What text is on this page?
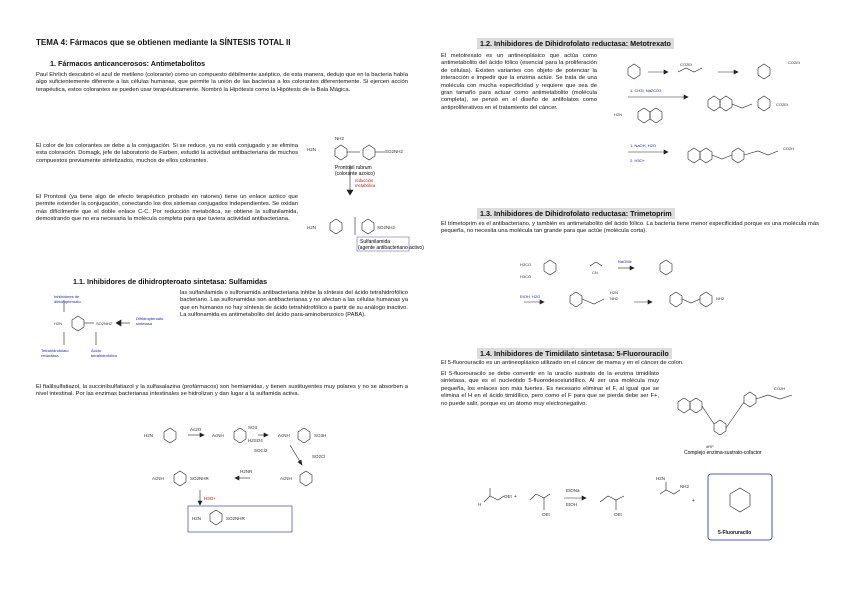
TEMA 4: Fármacos que se obtienen mediante la SÍNTESIS TOTAL II
1. Fármacos anticancerosos: Antimetabolitos

Paul Ehrlich descubrió el azul de metileno (colorante) como un compuesto débilmente aséptico, de esta manera, dedujo que en la bacteria había algo suficientemente diferente a las células humanas, que permite la unión de las bacterias a los colorantes diferentemente. Si ejercen acción terapéutica, estos colorantes se pueden usar terapéuticamente. Nombró la Hipótesis como la Hipótesis de la Bala Mágica.

El color de los colorantes se debe a la conjugación. Si se reduce, ya no está conjugado y se elimina esta coloración. Domagk, jefe de laboratorio de Farben, estudió la actividad antibacteriana de muchos compuestos previamente sintetizados, muchos de ellos colorantes.

El Prontosil (ya tiene algo de efecto terapéutico probado en ratones) tiene un enlace azóico que permite extender la conjugación, conectando los dos sistemas conjugados independientes. Se oxidan más difícilmente que el doble enlace C-C. Por reducción metabólica, se obtiene la sulfanilamida, demostrando que no era necesaria la molécula completa para que tuviera actividad antibacteriana.

H2N	SO2NH2
NH2
Prontosil rubrum
(colorante azoico)
reducción
metabólica
H2N	SO2NH2
Sulfanilamida
(agente antibacteriano activo)
1.1. Inhibidores de dihidropteroato sintetasa: Sulfamidas
Inhibidores de
dihidropteroato
H2N	SO2NH2
Dihidropteroato
sintetasa
Tetrahidrofolato
reductasa
Ácido
tetrahidrofólico

las sulfanilamida o sulfonamida antibacteriana inhibe la síntesis del ácido tetrahidrofólico bacteriano. Las sulfonamidas son antibacterianas y no afectan a las células humanas ya que en humanos no hay síntesis de ácido tetrahidrofólico a partir de su análogo inactivo. La sulfonamida es antimetabolito del ácido para-aminobenzoico (PABA).

El ftalilsulfatiazol, la succinilsulfatiazol y la sulfasalazina (profármacos) son hemiamidas, y tienen sustituyentes muy polares y no se absorben a nivel intestinal. Por las enzimas bacterianas intestinales se hidrolizan y dan lugar a la sulfamida activa.

H2N
Ac2O
AcNH
SO3
H2SO4
AcNH	SO3H
SOCl2
SO2Cl
AcNH
H2NR
AcNH	SO2NHR
H3O+
H2N	SO2NHR
1.2. Inhibidores de Dihidrofolato reductasa: Metotrexato

El metotrexato es un antineoplásico que actúa como antimetabolito del ácido fólico (esencial para la proliferación de células). Existen variantes con objeto de potenciar la interacción e impedir que la enzima actúe. Se trata de una molécula con mucha especificidad y requiere que sea de gran tamaño para actuar como antimetabolito (molécula completa), se pensó en el diseño de antifolatos como antiproliferativos en el tratamiento del cáncer.

CO2Et	CO2Et
1. CH3I, Na2CO3
H2N
CO2Et
1. NaOH, H2O
2. H3O+
CO2H
1.3. Inhibidores de Dihidrofolato reductasa: Trimetoprim

El trimetoprim es el antibacteriano, y también es antimetabolito del ácido fólico. La bacteria tiene menor especificidad porque es una molécula más pequeña, no necesita una molécula tan grande para que actúe (molécula corta).

H3CO
H3CO
CN
NaOMe
EtOH, H2O
H2N
NH2	NH2
1.4. Inhibidores de Timidilato sintetasa: 5-Fluorouracilo

El 5-fluorouracilo es un antineoplásico utilizado en el cáncer de mama y en el cáncer de colon.

El 5-fluorouracilo se debe convertir en la uracilo sustrato de la enzima timidilato sintetasa, que es el nucleótido 5-fluorodesoxiuridílico. Al ser una molécula muy pequeña, los enlaces son más fuertes. Es necesario eliminar el F, al igual que se elimina el H en el ácido timidílico, pero como el F para que se pierda debe ser F+, no puede salir, porque es un átomo muy electronegativo.

CO2H
dRP
Complejo enzima-sustrato-cofactor
H
OEt +
OEt
EtONa
EtOH
OEt
H2N
NH2
+
5-Fluoruracilo
